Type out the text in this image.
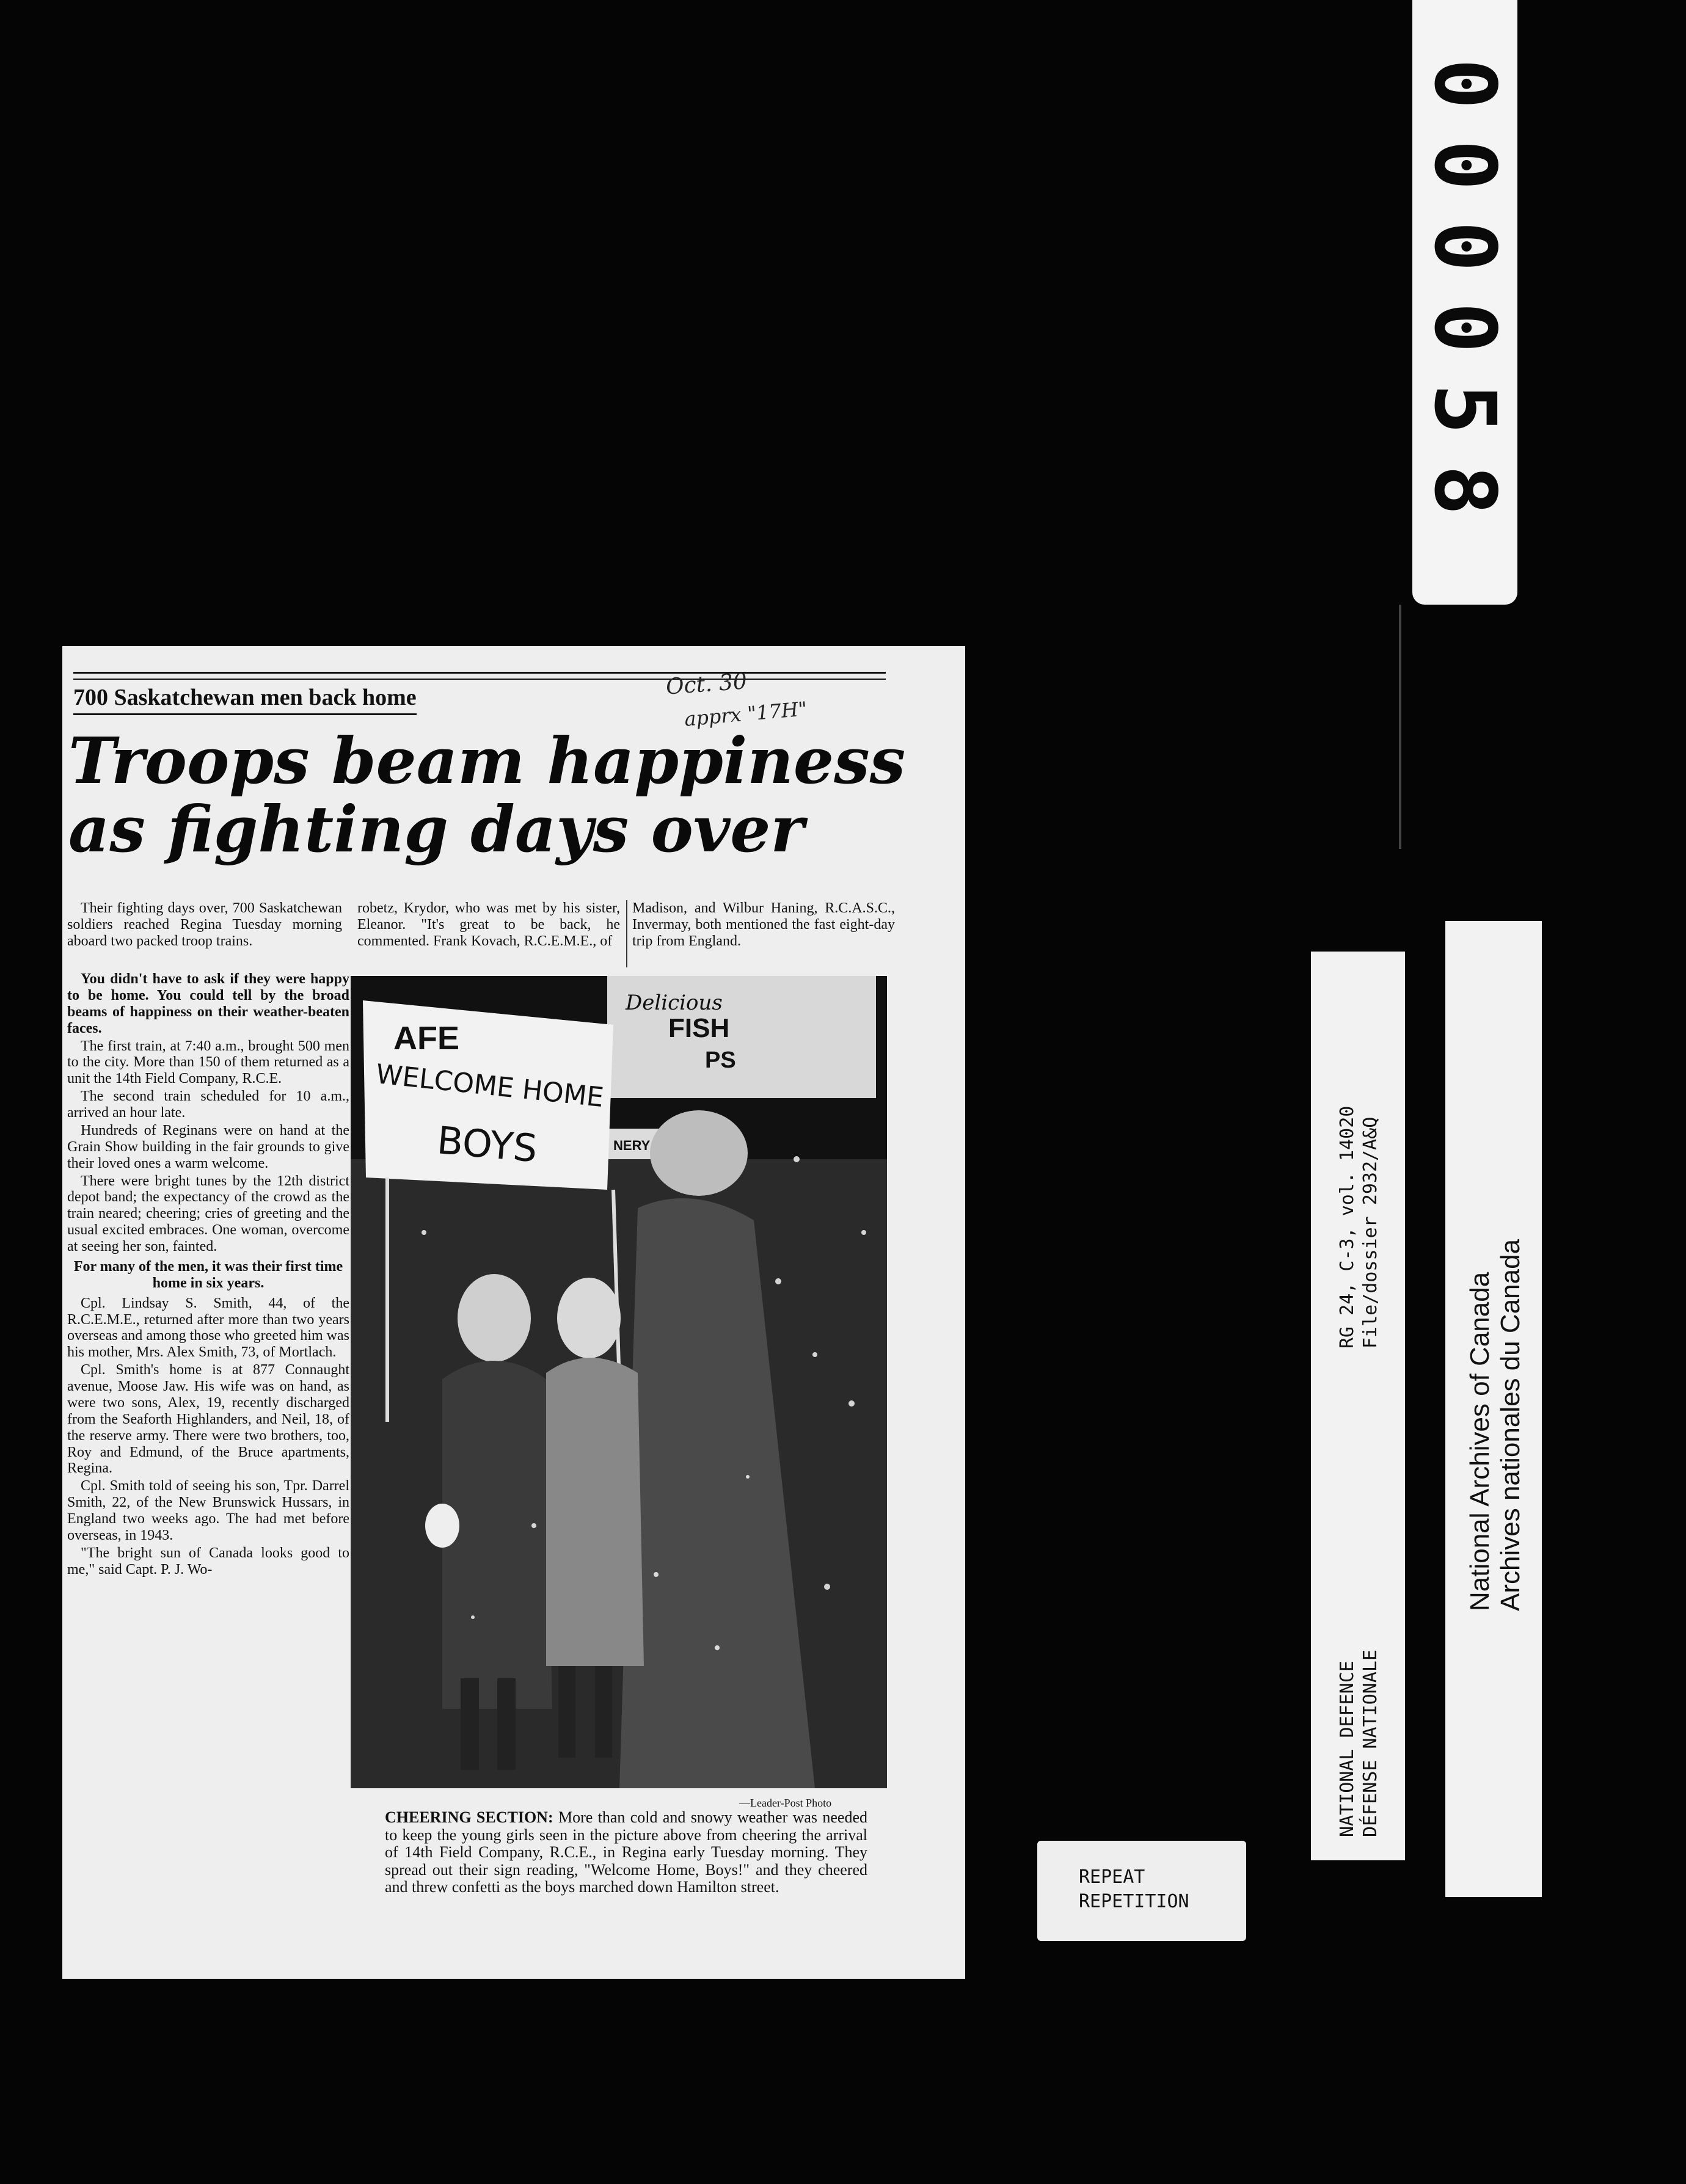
000058
700 Saskatchewan men back home	Oct. 30
apprx "17H"
Troops beam happiness
as fighting days over

Their fighting days over, 700 Saskatchewan soldiers reached Regina Tuesday morning aboard two packed troop trains.

robetz, Krydor, who was met by his sister, Eleanor. "It's great to be back, he commented. Frank Kovach, R.C.E.M.E., of

Madison, and Wilbur Haning, R.C.A.S.C., Invermay, both mentioned the fast eight-day trip from England.

You didn't have to ask if they were happy to be home. You could tell by the broad beams of happiness on their weather-beaten faces.

The first train, at 7:40 a.m., brought 500 men to the city. More than 150 of them returned as a unit the 14th Field Company, R.C.E.

The second train scheduled for 10 a.m., arrived an hour late.

Hundreds of Reginans were on hand at the Grain Show building in the fair grounds to give their loved ones a warm welcome.

There were bright tunes by the 12th district depot band; the expectancy of the crowd as the train neared; cheering; cries of greeting and the usual excited embraces. One woman, overcome at seeing her son, fainted.

For many of the men, it was their first time home in six years.

Cpl. Lindsay S. Smith, 44, of the R.C.E.M.E., returned after more than two years overseas and among those who greeted him was his mother, Mrs. Alex Smith, 73, of Mortlach.

Cpl. Smith's home is at 877 Connaught avenue, Moose Jaw. His wife was on hand, as were two sons, Alex, 19, recently discharged from the Seaforth Highlanders, and Neil, 18, of the reserve army. There were two brothers, too, Roy and Edmund, of the Bruce apartments, Regina.

Cpl. Smith told of seeing his son, Tpr. Darrel Smith, 22, of the New Brunswick Hussars, in England two weeks ago. The had met before overseas, in 1943.

"The bright sun of Canada looks good to me," said Capt. P. J. Wo-

Delicious
FISH
PS
NERY
AFE
WELCOME HOME
BOYS
—Leader-Post Photo
CHEERING SECTION: More than cold and snowy weather was needed to keep the young girls seen in the picture above from cheering the arrival of 14th Field Company, R.C.E., in Regina early Tuesday morning. They spread out their sign reading, "Welcome Home, Boys!" and they cheered and threw confetti as the boys marched down Hamilton street.	REPEAT
REPETITION
NATIONAL DEFENCE DÉFENSE NATIONALE
RG 24, C-3, vol. 14020 File/dossier 2932/A&Q
National Archives of Canada Archives nationales du Canada
